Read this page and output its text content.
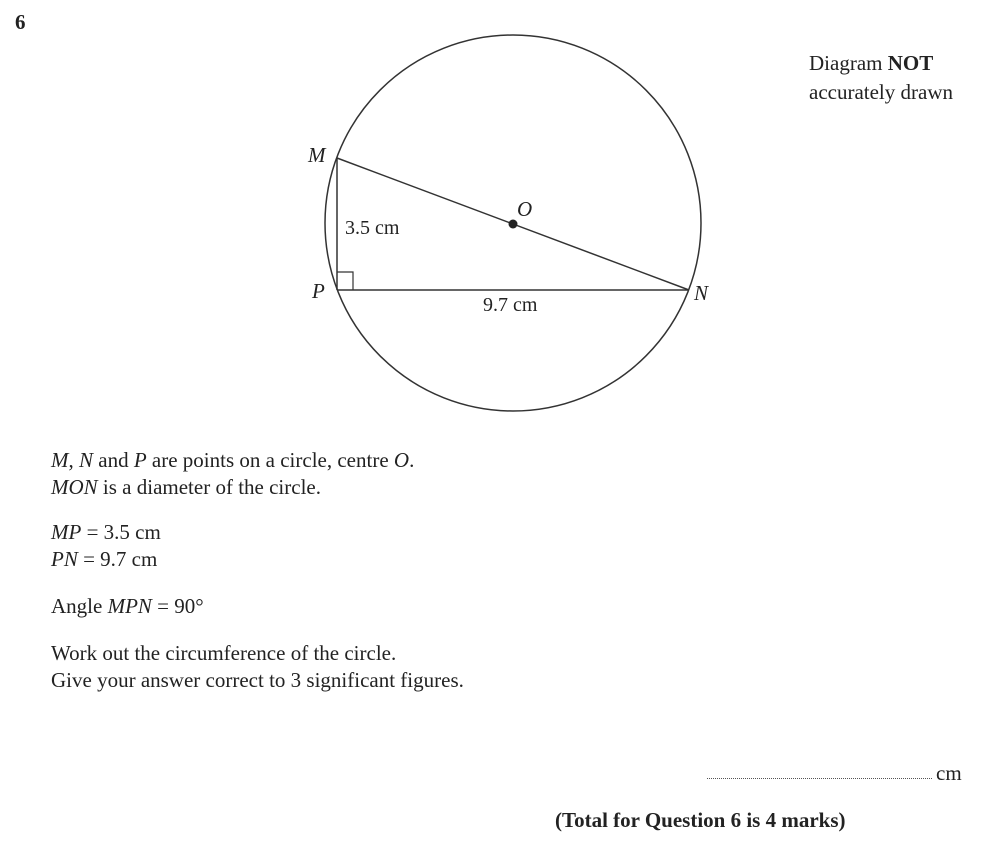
6
Diagram NOT
accurately drawn
M
P	N
O
3.5 cm
9.7 cm
M, N and P are points on a circle, centre O.
MON is a diameter of the circle.
MP = 3.5 cm
PN = 9.7 cm
Angle MPN = 90°
Work out the circumference of the circle.
Give your answer correct to 3 significant figures.
cm
(Total for Question 6 is 4 marks)
